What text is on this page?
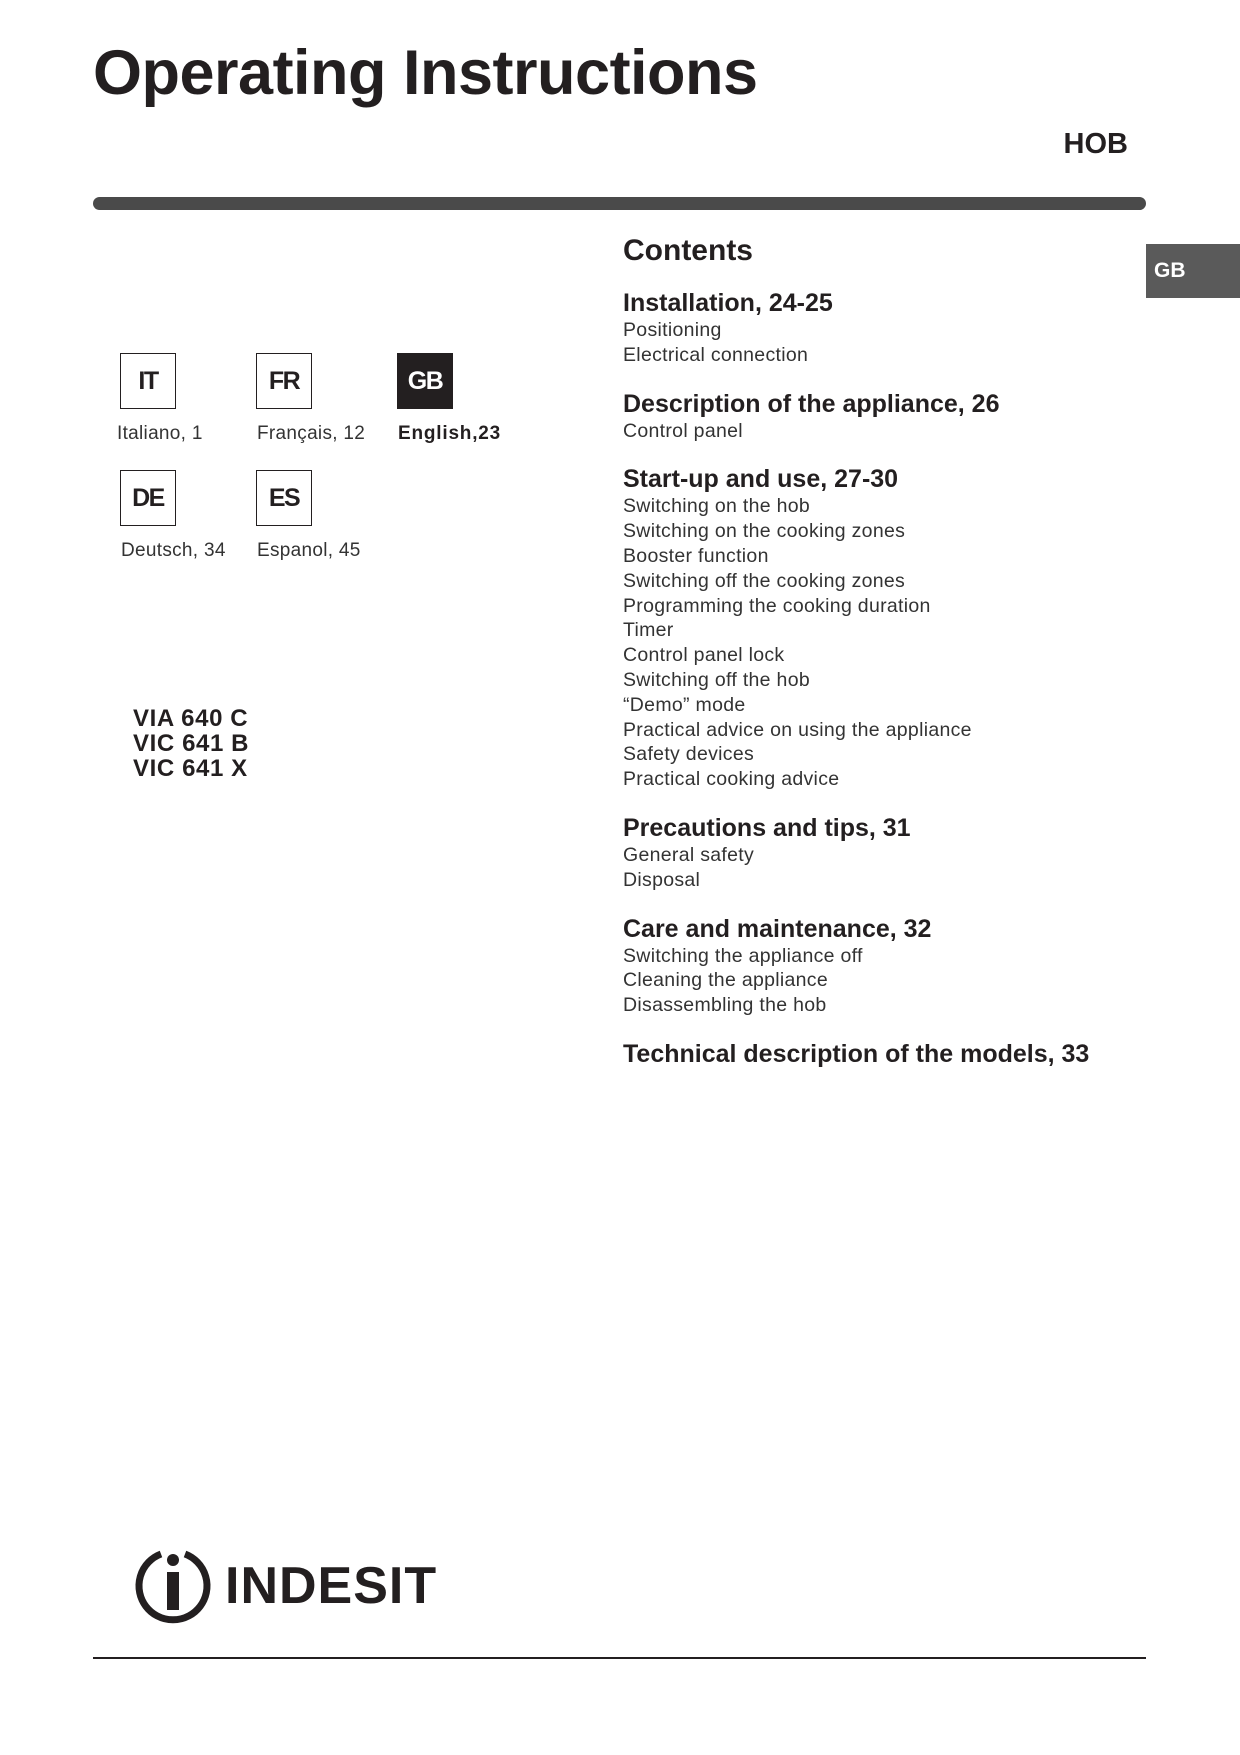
Operating Instructions
HOB
GB
IT
Italiano, 1
FR
Français, 12
GB
English,23
DE
Deutsch, 34
ES
Espanol, 45
VIA 640 C
VIC 641 B
VIC 641 X
Contents
Installation, 24-25
Positioning
Electrical connection
Description of the appliance, 26
Control panel
Start-up and use, 27-30
Switching on the hob
Switching on the cooking zones
Booster function
Switching off the cooking zones
Programming the cooking duration
Timer
Control panel lock
Switching off the hob
“Demo” mode
Practical advice on using the appliance
Safety devices
Practical cooking advice
Precautions and tips, 31
General safety
Disposal
Care and maintenance, 32
Switching the appliance off
Cleaning the appliance
Disassembling the hob
Technical description of the models, 33
INDESIT
